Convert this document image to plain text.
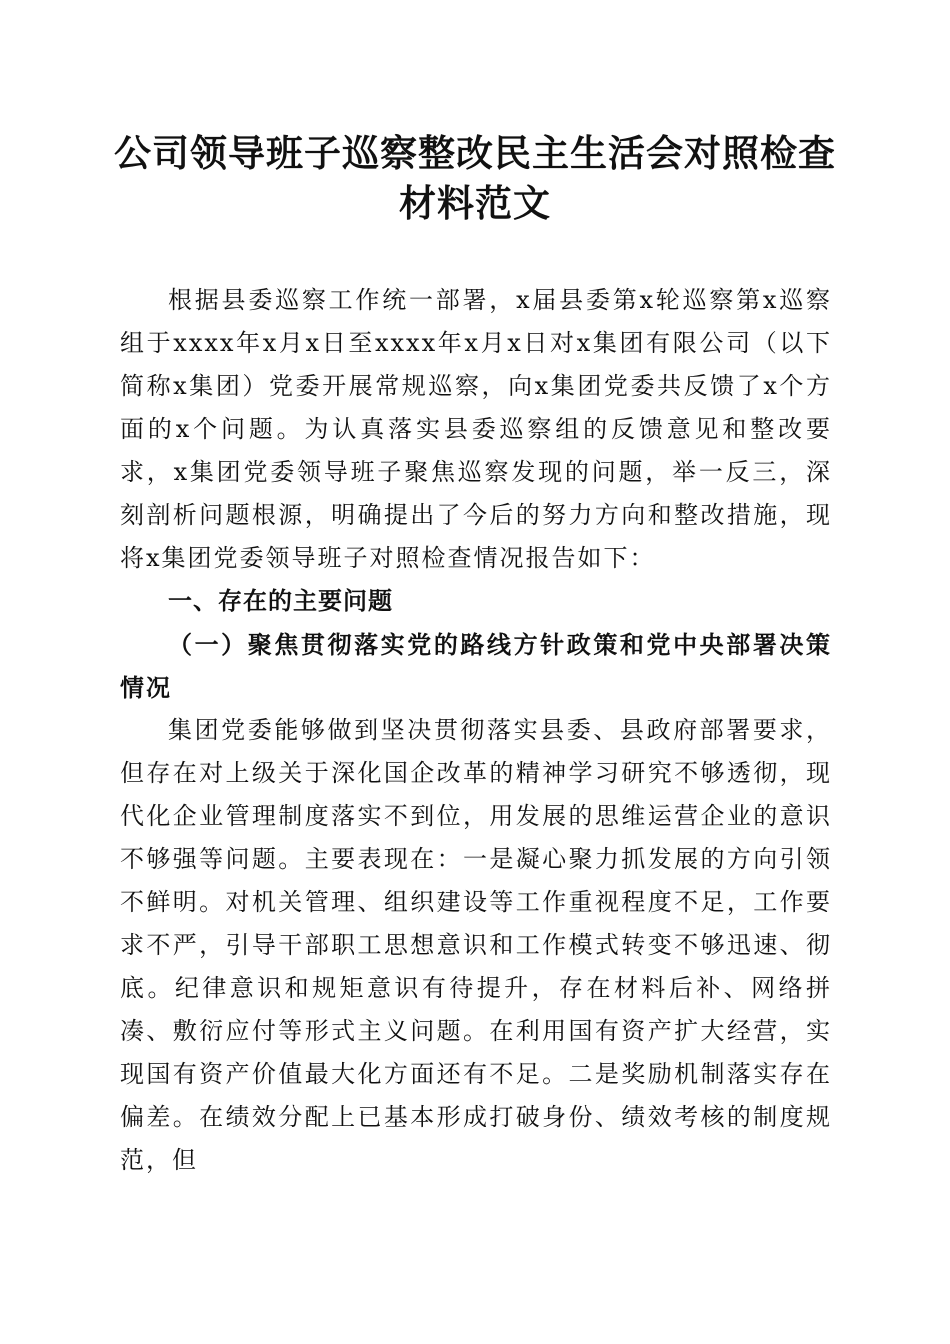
公司领导班子巡察整改民主生活会对照检查材料范文

根据县委巡察工作统一部署，x届县委第x轮巡察第x巡察组于xxxx年x月x日至xxxx年x月x日对x集团有限公司（以下简称x集团）党委开展常规巡察，向x集团党委共反馈了x个方面的x个问题。为认真落实县委巡察组的反馈意见和整改要求，x集团党委领导班子聚焦巡察发现的问题，举一反三，深刻剖析问题根源，明确提出了今后的努力方向和整改措施，现将x集团党委领导班子对照检查情况报告如下：

一、存在的主要问题

（一）聚焦贯彻落实党的路线方针政策和党中央部署决策情况

集团党委能够做到坚决贯彻落实县委、县政府部署要求，但存在对上级关于深化国企改革的精神学习研究不够透彻，现代化企业管理制度落实不到位，用发展的思维运营企业的意识不够强等问题。主要表现在：一是凝心聚力抓发展的方向引领不鲜明。对机关管理、组织建设等工作重视程度不足，工作要求不严，引导干部职工思想意识和工作模式转变不够迅速、彻底。纪律意识和规矩意识有待提升，存在材料后补、网络拼凑、敷衍应付等形式主义问题。在利用国有资产扩大经营，实现国有资产价值最大化方面还有不足。二是奖励机制落实存在偏差。在绩效分配上已基本形成打破身份、绩效考核的制度规范，但
